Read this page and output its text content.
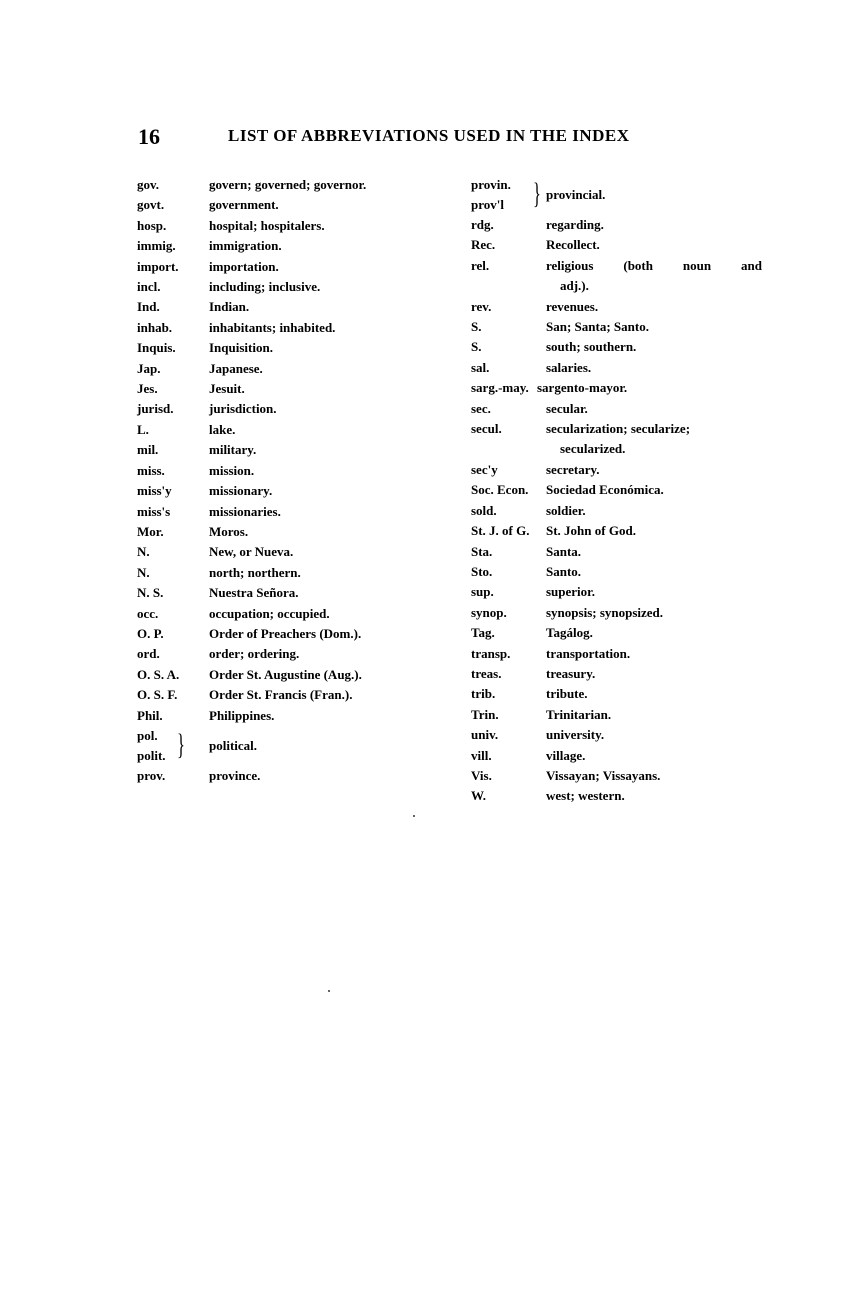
16	LIST OF ABBREVIATIONS USED IN THE INDEX
gov.	govern; governed; governor.
govt.	government.
hosp.	hospital; hospitalers.
immig.	immigration.
import. importation.
incl.	including; inclusive.
Ind.	Indian.
inhab.	inhabitants; inhabited.
Inquis.	Inquisition.
Jap.	Japanese.
Jes.	Jesuit.
jurisd.	jurisdiction.
L.	lake.
mil.	military.
miss.	mission.
miss'y	missionary.
miss's	missionaries.
Mor.	Moros.
N.	New, or Nueva.
N.	north; northern.
N. S.	Nuestra Señora.
occ.	occupation; occupied.
O. P.	Order of Preachers (Dom.).
ord.	order; ordering.
O. S. A. Order St. Augustine (Aug.).
O. S. F. Order St. Francis (Fran.).
Phil.	Philippines.
pol.
polit. } political.
prov.	province.
provin.
prov'l } provincial.
rdg.	regarding.
Rec.	Recollect.
rel.	religious (both noun and
adj.).
rev.	revenues.
S.	San; Santa; Santo.
S.	south; southern.
sal.	salaries.
sarg.-may. sargento-mayor.
sec.	secular.
secul.	secularization; secularize;
secularized.
sec'y	secretary.
Soc. Econ. Sociedad Económica.
sold.	soldier.
St. J. of G. St. John of God.
Sta.	Santa.
Sto.	Santo.
sup.	superior.
synop.	synopsis; synopsized.
Tag.	Tagálog.
transp.	transportation.
treas.	treasury.
trib.	tribute.
Trin.	Trinitarian.
univ.	university.
vill.	village.
Vis.	Vissayan; Vissayans.
W.	west; western.
